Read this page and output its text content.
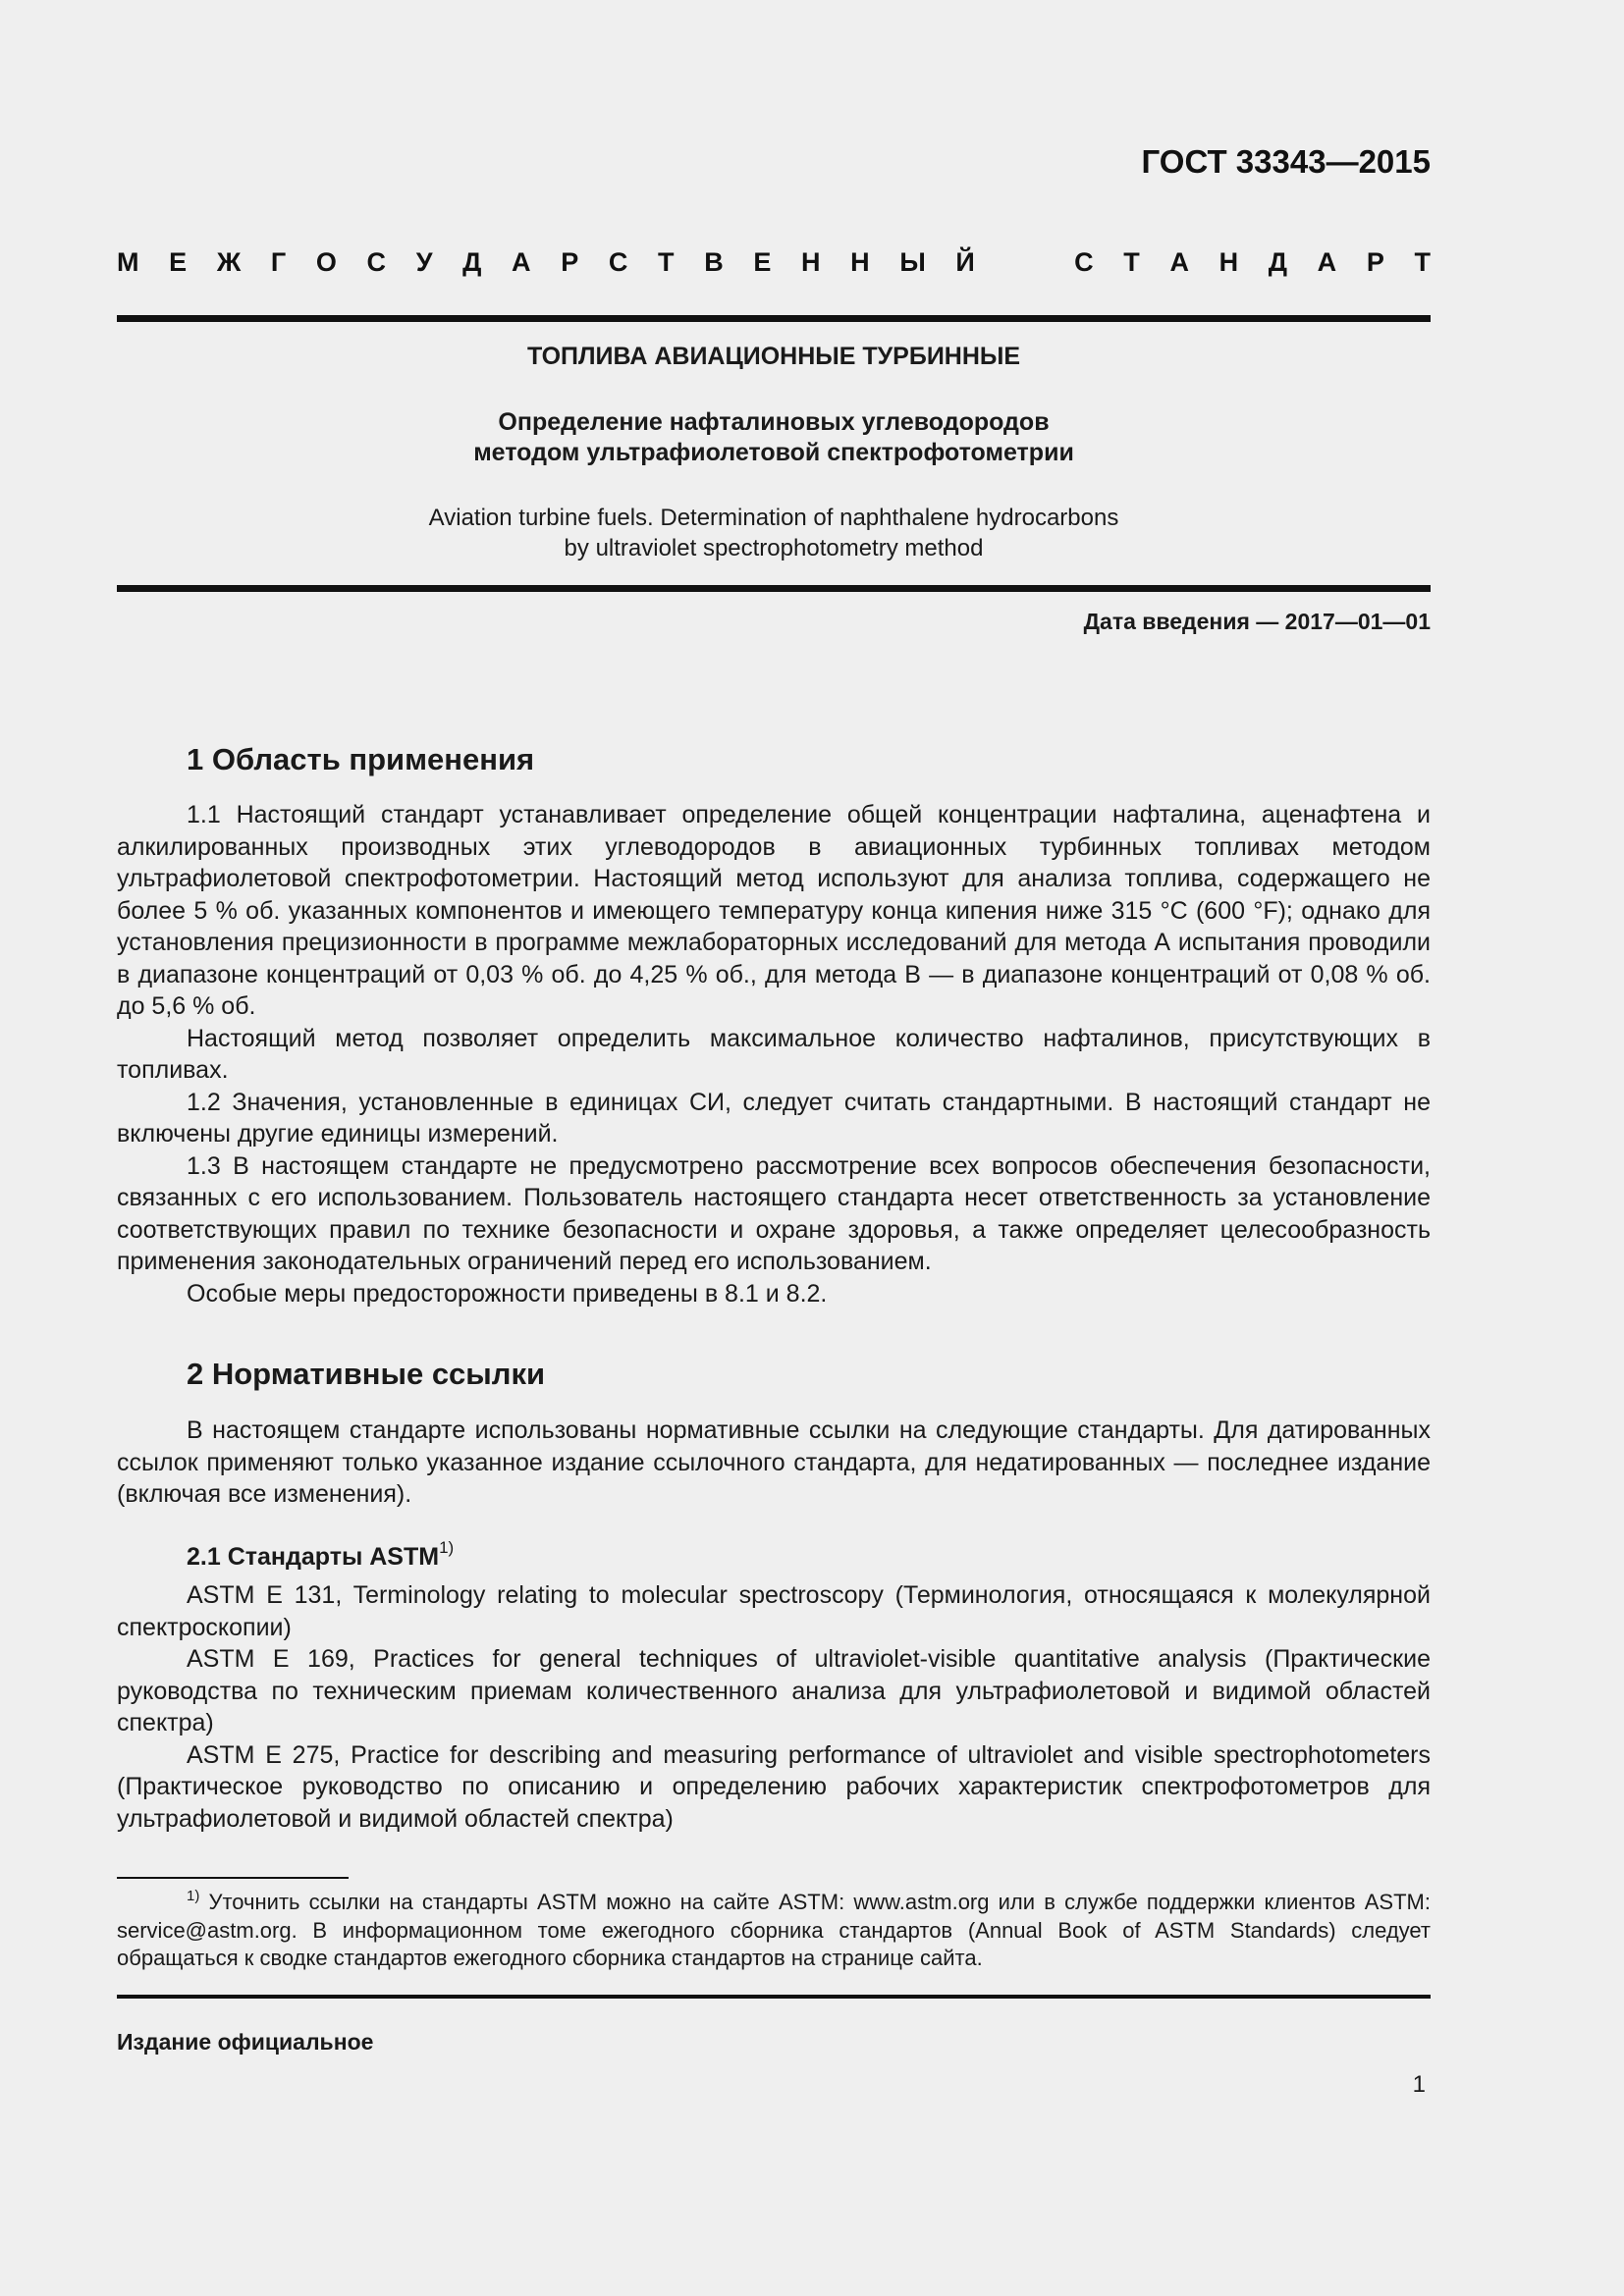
ГОСТ 33343—2015
М Е Ж Г О С У Д А Р С Т В Е Н Н Ы Й	С Т А Н Д А Р Т
ТОПЛИВА АВИАЦИОННЫЕ ТУРБИННЫЕ
Определение нафталиновых углеводородов
методом ультрафиолетовой спектрофотометрии
Aviation turbine fuels. Determination of naphthalene hydrocarbons
by ultraviolet spectrophotometry method
Дата введения — 2017—01—01
1 Область применения

1.1 Настоящий стандарт устанавливает определение общей концентрации нафталина, аценафтена и алкилированных производных этих углеводородов в авиационных турбинных топливах методом ультрафиолетовой спектрофотометрии. Настоящий метод используют для анализа топлива, содержащего не более 5 % об. указанных компонентов и имеющего температуру конца кипения ниже 315 °С (600 °F); однако для установления прецизионности в программе межлабораторных исследований для метода А испытания проводили в диапазоне концентраций от 0,03 % об. до 4,25 % об., для метода В — в диапазоне концентраций от 0,08 % об. до 5,6 % об.

Настоящий метод позволяет определить максимальное количество нафталинов, присутствующих в топливах.

1.2 Значения, установленные в единицах СИ, следует считать стандартными. В настоящий стандарт не включены другие единицы измерений.

1.3 В настоящем стандарте не предусмотрено рассмотрение всех вопросов обеспечения безопасности, связанных с его использованием. Пользователь настоящего стандарта несет ответственность за установление соответствующих правил по технике безопасности и охране здоровья, а также определяет целесообразность применения законодательных ограничений перед его использованием.

Особые меры предосторожности приведены в 8.1 и 8.2.

2 Нормативные ссылки

В настоящем стандарте использованы нормативные ссылки на следующие стандарты. Для датированных ссылок применяют только указанное издание ссылочного стандарта, для недатированных — последнее издание (включая все изменения).

2.1 Стандарты ASTM$^{1)}$

ASTM E 131, Terminology relating to molecular spectroscopy (Терминология, относящаяся к молекулярной спектроскопии)

ASTM E 169, Practices for general techniques of ultraviolet-visible quantitative analysis (Практические руководства по техническим приемам количественного анализа для ультрафиолетовой и видимой областей спектра)

ASTM E 275, Practice for describing and measuring performance of ultraviolet and visible spectrophotometers (Практическое руководство по описанию и определению рабочих характеристик спектрофотометров для ультрафиолетовой и видимой областей спектра)

$^{1)}$ Уточнить ссылки на стандарты ASTM можно на сайте ASTM: www.astm.org или в службе поддержки клиентов ASTM: service@astm.org. В информационном томе ежегодного сборника стандартов (Annual Book of ASTM Standards) следует обращаться к сводке стандартов ежегодного сборника стандартов на странице сайта.

Издание официальное
1
